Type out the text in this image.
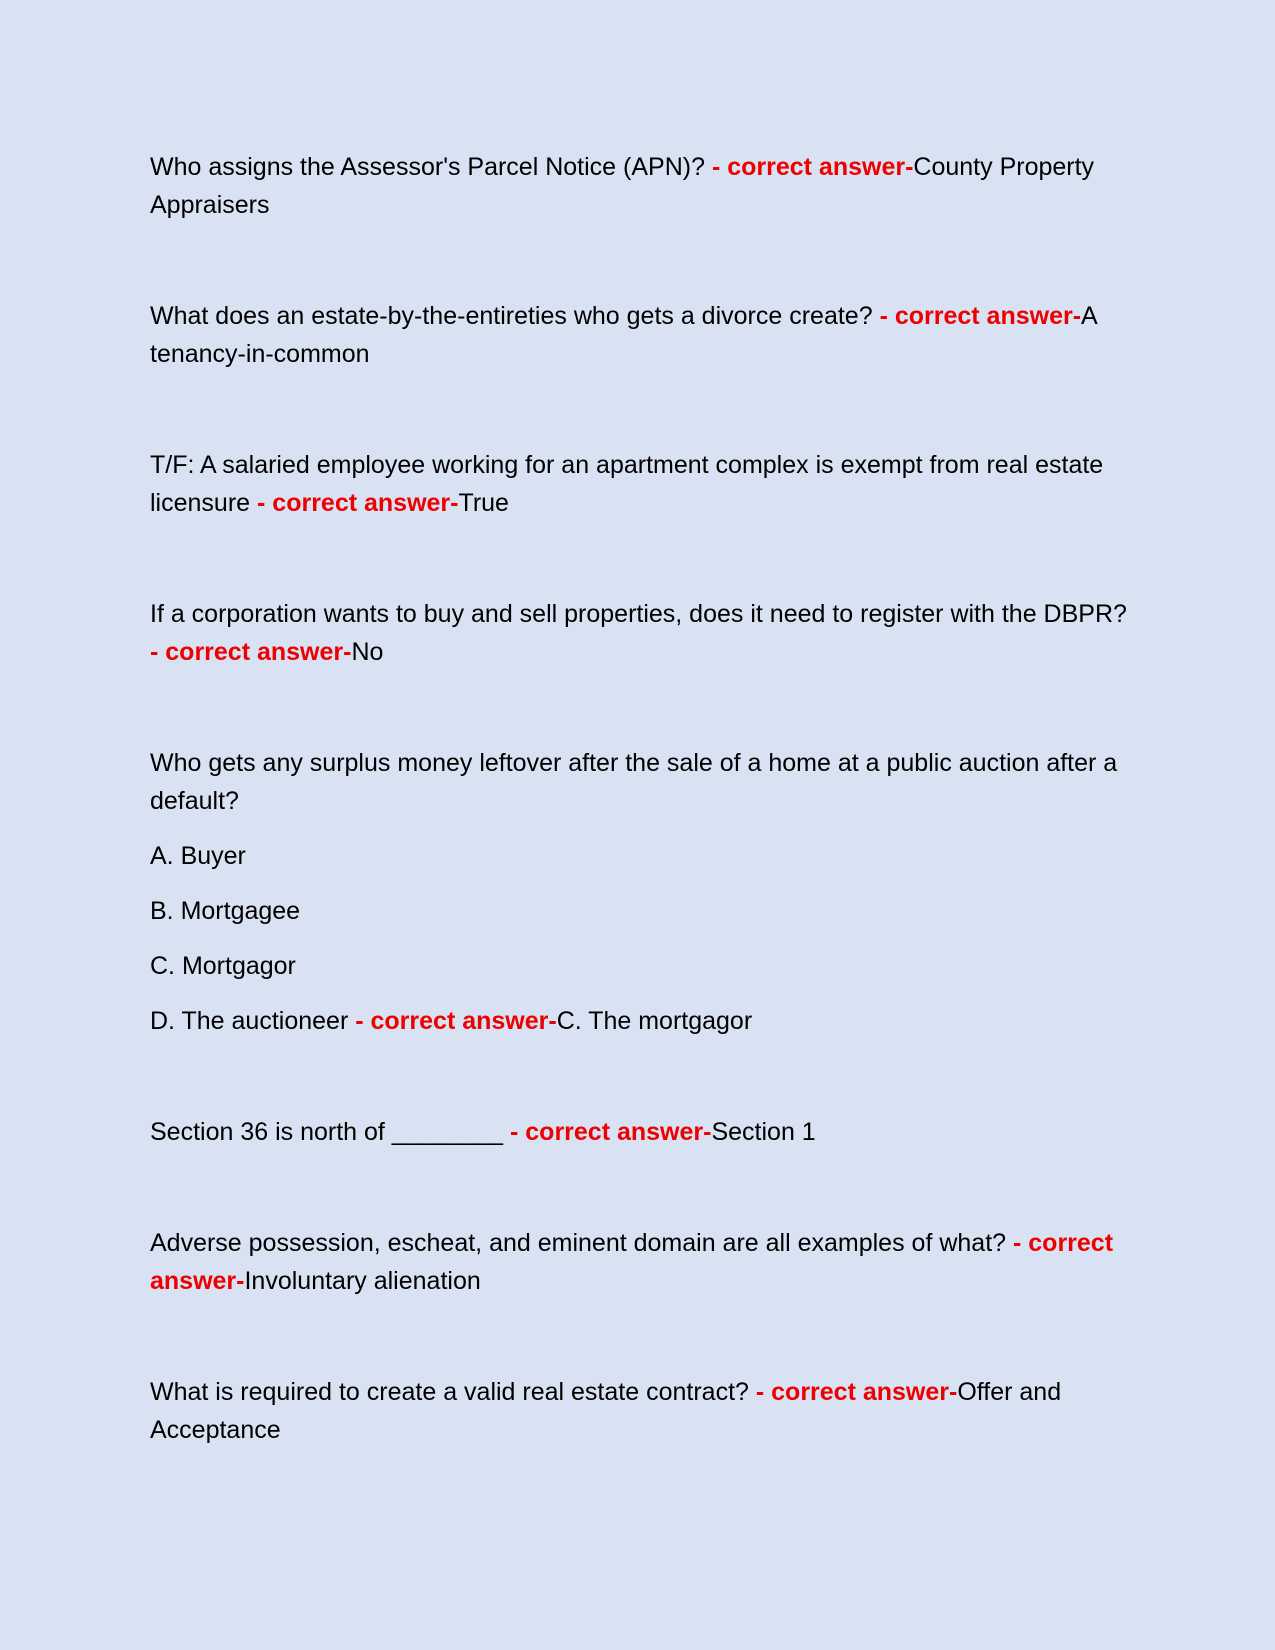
Who assigns the Assessor's Parcel Notice (APN)? - correct answer-County Property Appraisers

What does an estate-by-the-entireties who gets a divorce create? - correct answer-A tenancy-in-common

T/F: A salaried employee working for an apartment complex is exempt from real estate licensure - correct answer-True

If a corporation wants to buy and sell properties, does it need to register with the DBPR? - correct answer-No

Who gets any surplus money leftover after the sale of a home at a public auction after a default?

A. Buyer

B. Mortgagee

C. Mortgagor

D. The auctioneer - correct answer-C. The mortgagor

Section 36 is north of ________ - correct answer-Section 1

Adverse possession, escheat, and eminent domain are all examples of what? - correct answer-Involuntary alienation

What is required to create a valid real estate contract? - correct answer-Offer and Acceptance
